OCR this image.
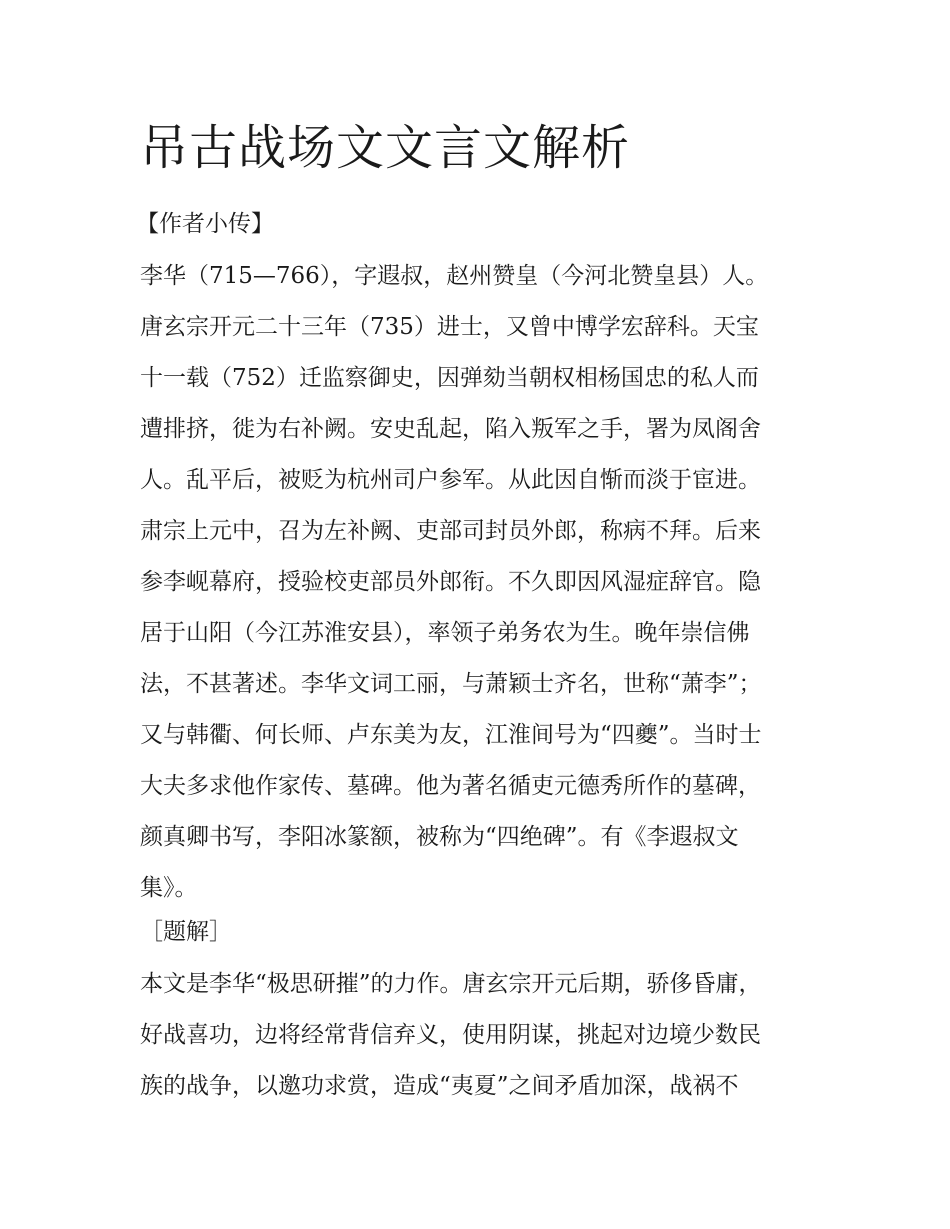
吊古战场文文言文解析
【作者小传】

李华（715—766），字遐叔，赵州赞皇（今河北赞皇县）人。
唐玄宗开元二十三年（735）进士，又曾中博学宏辞科。天宝
十一载（752）迁监察御史，因弹劾当朝权相杨国忠的私人而
遭排挤，徙为右补阙。安史乱起，陷入叛军之手，署为凤阁舍
人。乱平后，被贬为杭州司户参军。从此因自惭而淡于宦进。
肃宗上元中，召为左补阙、吏部司封员外郎，称病不拜。后来
参李岘幕府，授验校吏部员外郎衔。不久即因风湿症辞官。隐
居于山阳（今江苏淮安县），率领子弟务农为生。晚年崇信佛
法，不甚著述。李华文词工丽，与萧颖士齐名，世称“萧李”；
又与韩衢、何长师、卢东美为友，江淮间号为“四夔”。当时士
大夫多求他作家传、墓碑。他为著名循吏元德秀所作的墓碑，
颜真卿书写，李阳冰篆额，被称为“四绝碑”。有《李遐叔文
集》。

［题解］

本文是李华“极思研摧”的力作。唐玄宗开元后期，骄侈昏庸，
好战喜功，边将经常背信弃义，使用阴谋，挑起对边境少数民
族的战争，以邀功求赏，造成“夷夏”之间矛盾加深，战祸不
